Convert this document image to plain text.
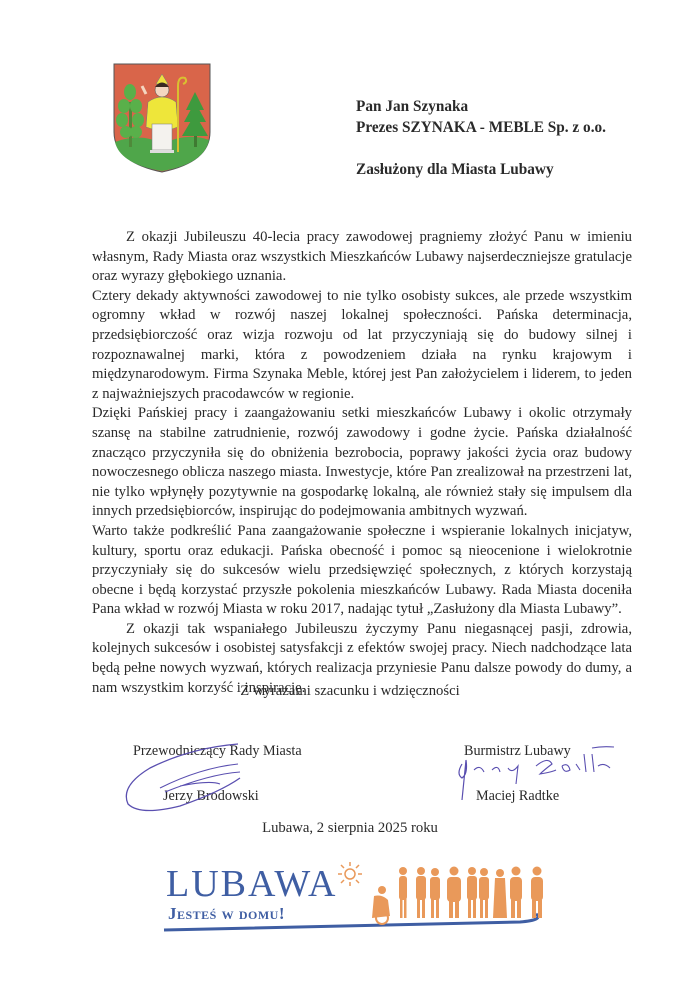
Pan Jan Szynaka
Prezes SZYNAKA - MEBLE Sp. z o.o.
Zasłużony dla Miasta Lubawy

Z okazji Jubileuszu 40-lecia pracy zawodowej pragniemy złożyć Panu w imieniu własnym, Rady Miasta oraz wszystkich Mieszkańców Lubawy najserdeczniejsze gratulacje oraz wyrazy głębokiego uznania.

Cztery dekady aktywności zawodowej to nie tylko osobisty sukces, ale przede wszystkim ogromny wkład w rozwój naszej lokalnej społeczności. Pańska determinacja, przedsiębiorczość oraz wizja rozwoju od lat przyczyniają się do budowy silnej i rozpoznawalnej marki, która z powodzeniem działa na rynku krajowym i międzynarodowym. Firma Szynaka Meble, której jest Pan założycielem i liderem, to jeden z najważniejszych pracodawców w regionie.

Dzięki Pańskiej pracy i zaangażowaniu setki mieszkańców Lubawy i okolic otrzymały szansę na stabilne zatrudnienie, rozwój zawodowy i godne życie. Pańska działalność znacząco przyczyniła się do obniżenia bezrobocia, poprawy jakości życia oraz budowy nowoczesnego oblicza naszego miasta. Inwestycje, które Pan zrealizował na przestrzeni lat, nie tylko wpłynęły pozytywnie na gospodarkę lokalną, ale również stały się impulsem dla innych przedsiębiorców, inspirując do podejmowania ambitnych wyzwań.

Warto także podkreślić Pana zaangażowanie społeczne i wspieranie lokalnych inicjatyw, kultury, sportu oraz edukacji. Pańska obecność i pomoc są nieocenione i wielokrotnie przyczyniały się do sukcesów wielu przedsięwzięć społecznych, z których korzystają obecne i będą korzystać przyszłe pokolenia mieszkańców Lubawy. Rada Miasta doceniła Pana wkład w rozwój Miasta w roku 2017, nadając tytuł „Zasłużony dla Miasta Lubawy”.

Z okazji tak wspaniałego Jubileuszu życzymy Panu niegasnącej pasji, zdrowia, kolejnych sukcesów i osobistej satysfakcji z efektów swojej pracy. Niech nadchodzące lata będą pełne nowych wyzwań, których realizacja przyniesie Panu dalsze powody do dumy, a nam wszystkim korzyść i inspirację.

Z wyrazami szacunku i wdzięczności
Przewodniczący Rady Miasta
Jerzy Brodowski
Burmistrz Lubawy
Maciej Radtke
Lubawa, 2 sierpnia 2025 roku
LUBAWA
Jesteś w domu!
